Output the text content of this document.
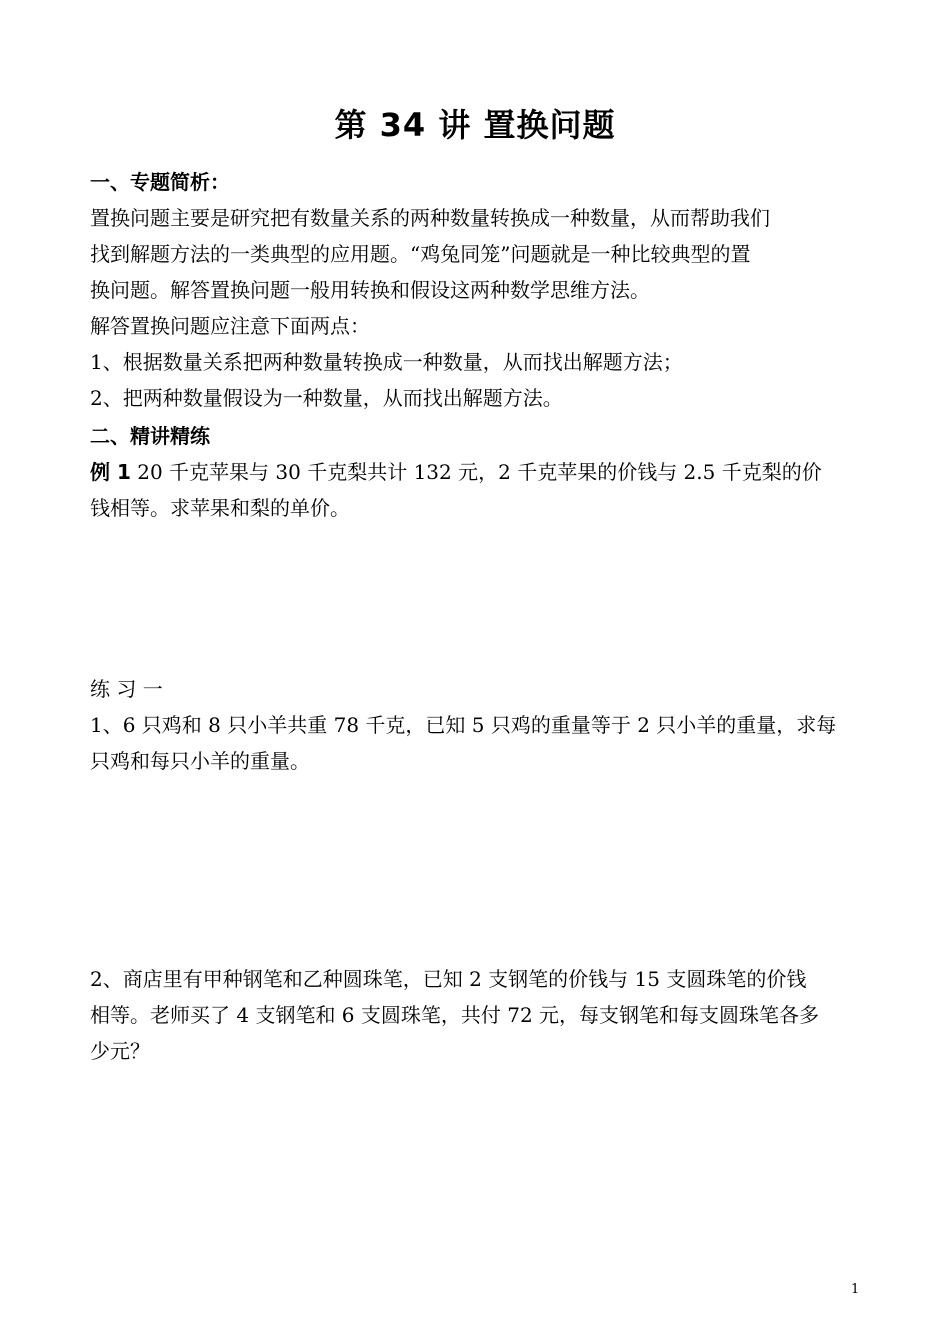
第 34 讲 置换问题
一、专题简析：
置换问题主要是研究把有数量关系的两种数量转换成一种数量，从而帮助我们
找到解题方法的一类典型的应用题。“鸡兔同笼”问题就是一种比较典型的置
换问题。解答置换问题一般用转换和假设这两种数学思维方法。
解答置换问题应注意下面两点：
1、根据数量关系把两种数量转换成一种数量，从而找出解题方法；
2、把两种数量假设为一种数量，从而找出解题方法。
二、精讲精练
例 1 20 千克苹果与 30 千克梨共计 132 元，2 千克苹果的价钱与 2.5 千克梨的价
钱相等。求苹果和梨的单价。
练 习 一
1、6 只鸡和 8 只小羊共重 78 千克，已知 5 只鸡的重量等于 2 只小羊的重量，求每
只鸡和每只小羊的重量。
2、商店里有甲种钢笔和乙种圆珠笔，已知 2 支钢笔的价钱与 15 支圆珠笔的价钱
相等。老师买了 4 支钢笔和 6 支圆珠笔，共付 72 元，每支钢笔和每支圆珠笔各多
少元？
1
